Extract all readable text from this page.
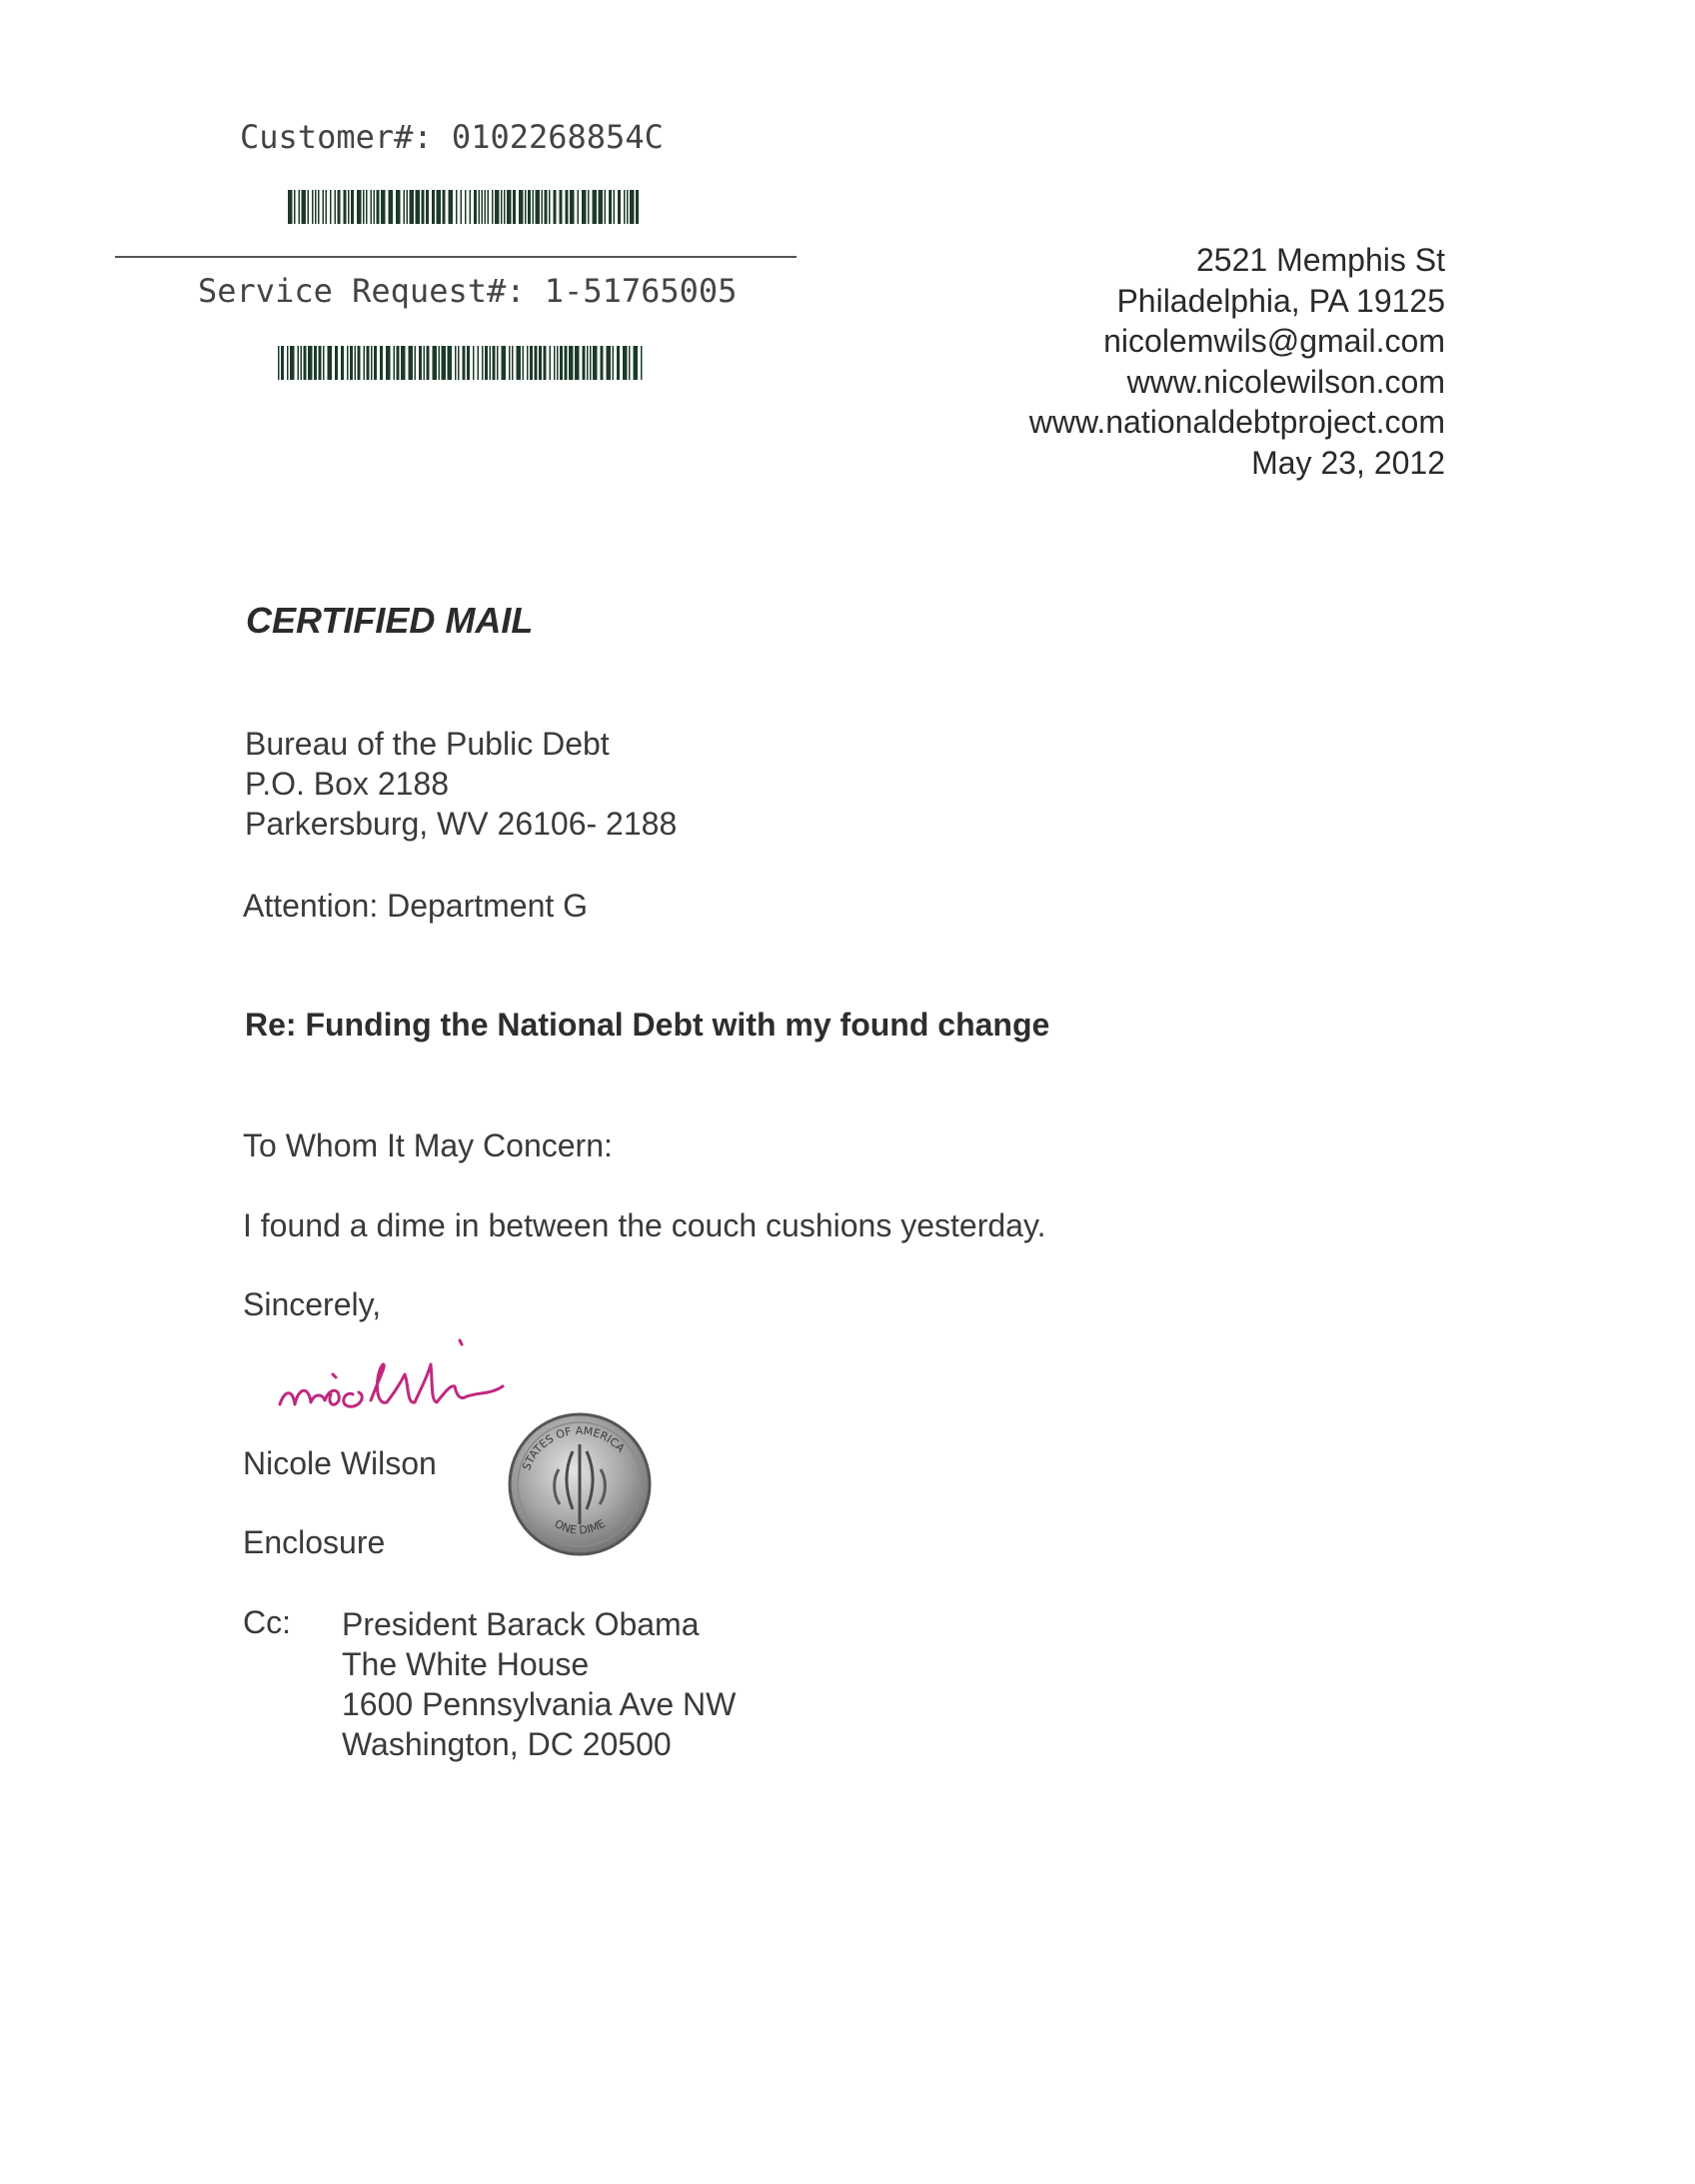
Customer#: 0102268854C
Service Request#: 1-51765005
2521 Memphis St
Philadelphia, PA 19125
nicolemwils@gmail.com
www.nicolewilson.com
www.nationaldebtproject.com
May 23, 2012
CERTIFIED MAIL
Bureau of the Public Debt
P.O. Box 2188
Parkersburg, WV 26106- 2188
Attention: Department G
Re: Funding the National Debt with my found change
To Whom It May Concern:
I found a dime in between the couch cushions yesterday.
Sincerely,
Nicole Wilson	STATES OF AMERICA
ONE DIME
Enclosure
Cc: President Barack Obama
The White House
1600 Pennsylvania Ave NW
Washington, DC 20500
